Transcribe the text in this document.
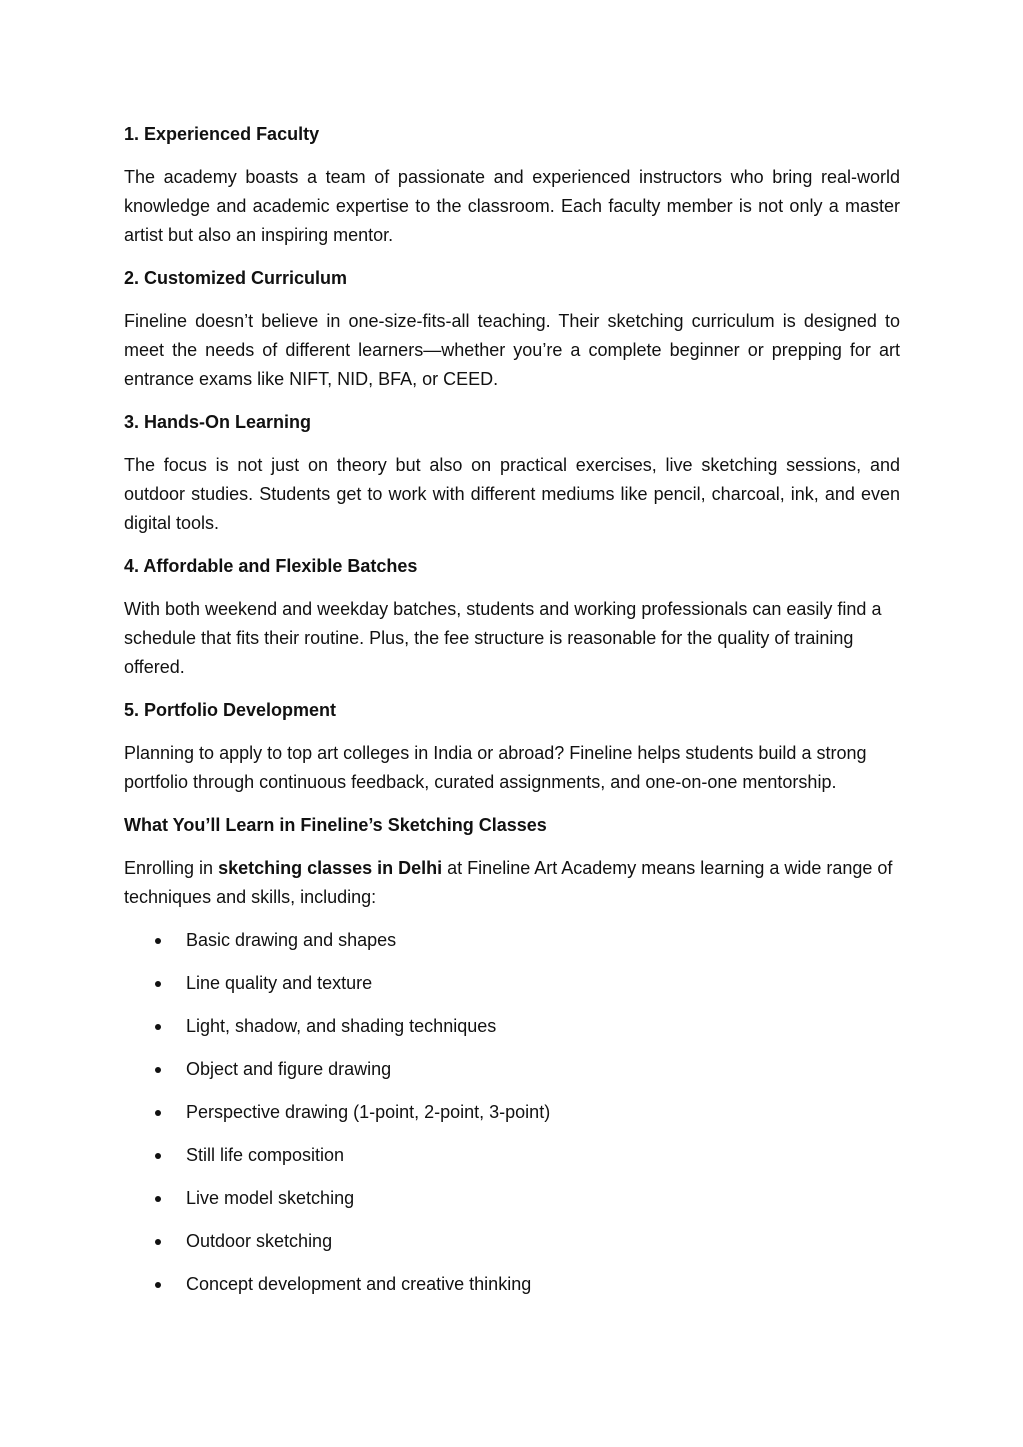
1. Experienced Faculty

The academy boasts a team of passionate and experienced instructors who bring real-world knowledge and academic expertise to the classroom. Each faculty member is not only a master artist but also an inspiring mentor.

2. Customized Curriculum

Fineline doesn’t believe in one-size-fits-all teaching. Their sketching curriculum is designed to meet the needs of different learners—whether you’re a complete beginner or prepping for art entrance exams like NIFT, NID, BFA, or CEED.

3. Hands-On Learning

The focus is not just on theory but also on practical exercises, live sketching sessions, and outdoor studies. Students get to work with different mediums like pencil, charcoal, ink, and even digital tools.

4. Affordable and Flexible Batches

With both weekend and weekday batches, students and working professionals can easily find a schedule that fits their routine. Plus, the fee structure is reasonable for the quality of training offered.

5. Portfolio Development

Planning to apply to top art colleges in India or abroad? Fineline helps students build a strong portfolio through continuous feedback, curated assignments, and one-on-one mentorship.

What You’ll Learn in Fineline’s Sketching Classes

Enrolling in sketching classes in Delhi at Fineline Art Academy means learning a wide range of techniques and skills, including:

Basic drawing and shapes
Line quality and texture
Light, shadow, and shading techniques
Object and figure drawing
Perspective drawing (1-point, 2-point, 3-point)
Still life composition
Live model sketching
Outdoor sketching
Concept development and creative thinking
